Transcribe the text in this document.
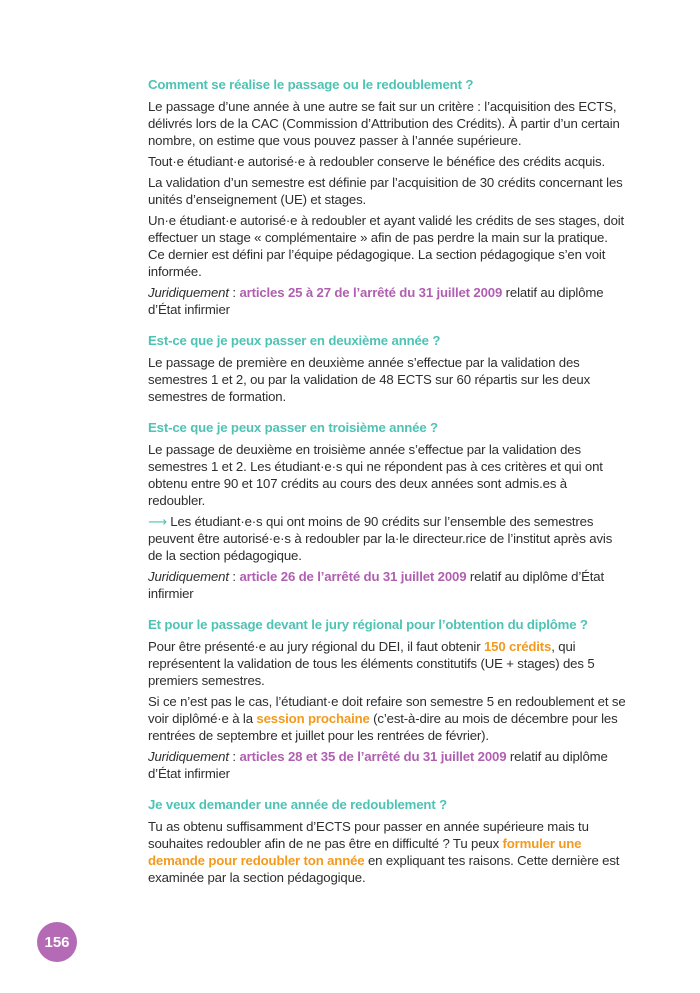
Comment se réalise le passage ou le redoublement ?

Le passage d’une année à une autre se fait sur un critère : l’acquisition des ECTS, délivrés lors de la CAC (Commission d’Attribution des Crédits). À partir d’un certain nombre, on estime que vous pouvez passer à l’année supérieure.

Tout·e étudiant·e autorisé·e à redoubler conserve le bénéfice des crédits acquis.

La validation d’un semestre est définie par l’acquisition de 30 crédits concernant les unités d’enseignement (UE) et stages.

Un·e étudiant·e autorisé·e à redoubler et ayant validé les crédits de ses stages, doit effectuer un stage « complémentaire » afin de pas perdre la main sur la pratique. Ce dernier est défini par l’équipe pédagogique. La section pédagogique s’en voit informée.

Juridiquement : articles 25 à 27 de l’arrêté du 31 juillet 2009 relatif au diplôme d’État infirmier

Est-ce que je peux passer en deuxième année ?

Le passage de première en deuxième année s’effectue par la validation des semestres 1 et 2, ou par la validation de 48 ECTS sur 60 répartis sur les deux semestres de formation.

Est-ce que je peux passer en troisième année ?

Le passage de deuxième en troisième année s’effectue par la validation des semestres 1 et 2. Les étudiant·e·s qui ne répondent pas à ces critères et qui ont obtenu entre 90 et 107 crédits au cours des deux années sont admis.es à redoubler.

⟶ Les étudiant·e·s qui ont moins de 90 crédits sur l’ensemble des semestres peuvent être autorisé·e·s à redoubler par la·le directeur.rice de l’institut après avis de la section pédagogique.

Juridiquement : article 26 de l’arrêté du 31 juillet 2009 relatif au diplôme d’État infirmier

Et pour le passage devant le jury régional pour l’obtention du diplôme ?

Pour être présenté·e au jury régional du DEI, il faut obtenir 150 crédits, qui représentent la validation de tous les éléments constitutifs (UE + stages) des 5 premiers semestres.

Si ce n’est pas le cas, l’étudiant·e doit refaire son semestre 5 en redoublement et se voir diplômé·e à la session prochaine (c’est-à-dire au mois de décembre pour les rentrées de septembre et juillet pour les rentrées de février).

Juridiquement : articles 28 et 35 de l’arrêté du 31 juillet 2009 relatif au diplôme d’État infirmier

Je veux demander une année de redoublement ?

Tu as obtenu suffisamment d’ECTS pour passer en année supérieure mais tu souhaites redoubler afin de ne pas être en difficulté ? Tu peux formuler une demande pour redoubler ton année en expliquant tes raisons. Cette dernière est examinée par la section pédagogique.

156
